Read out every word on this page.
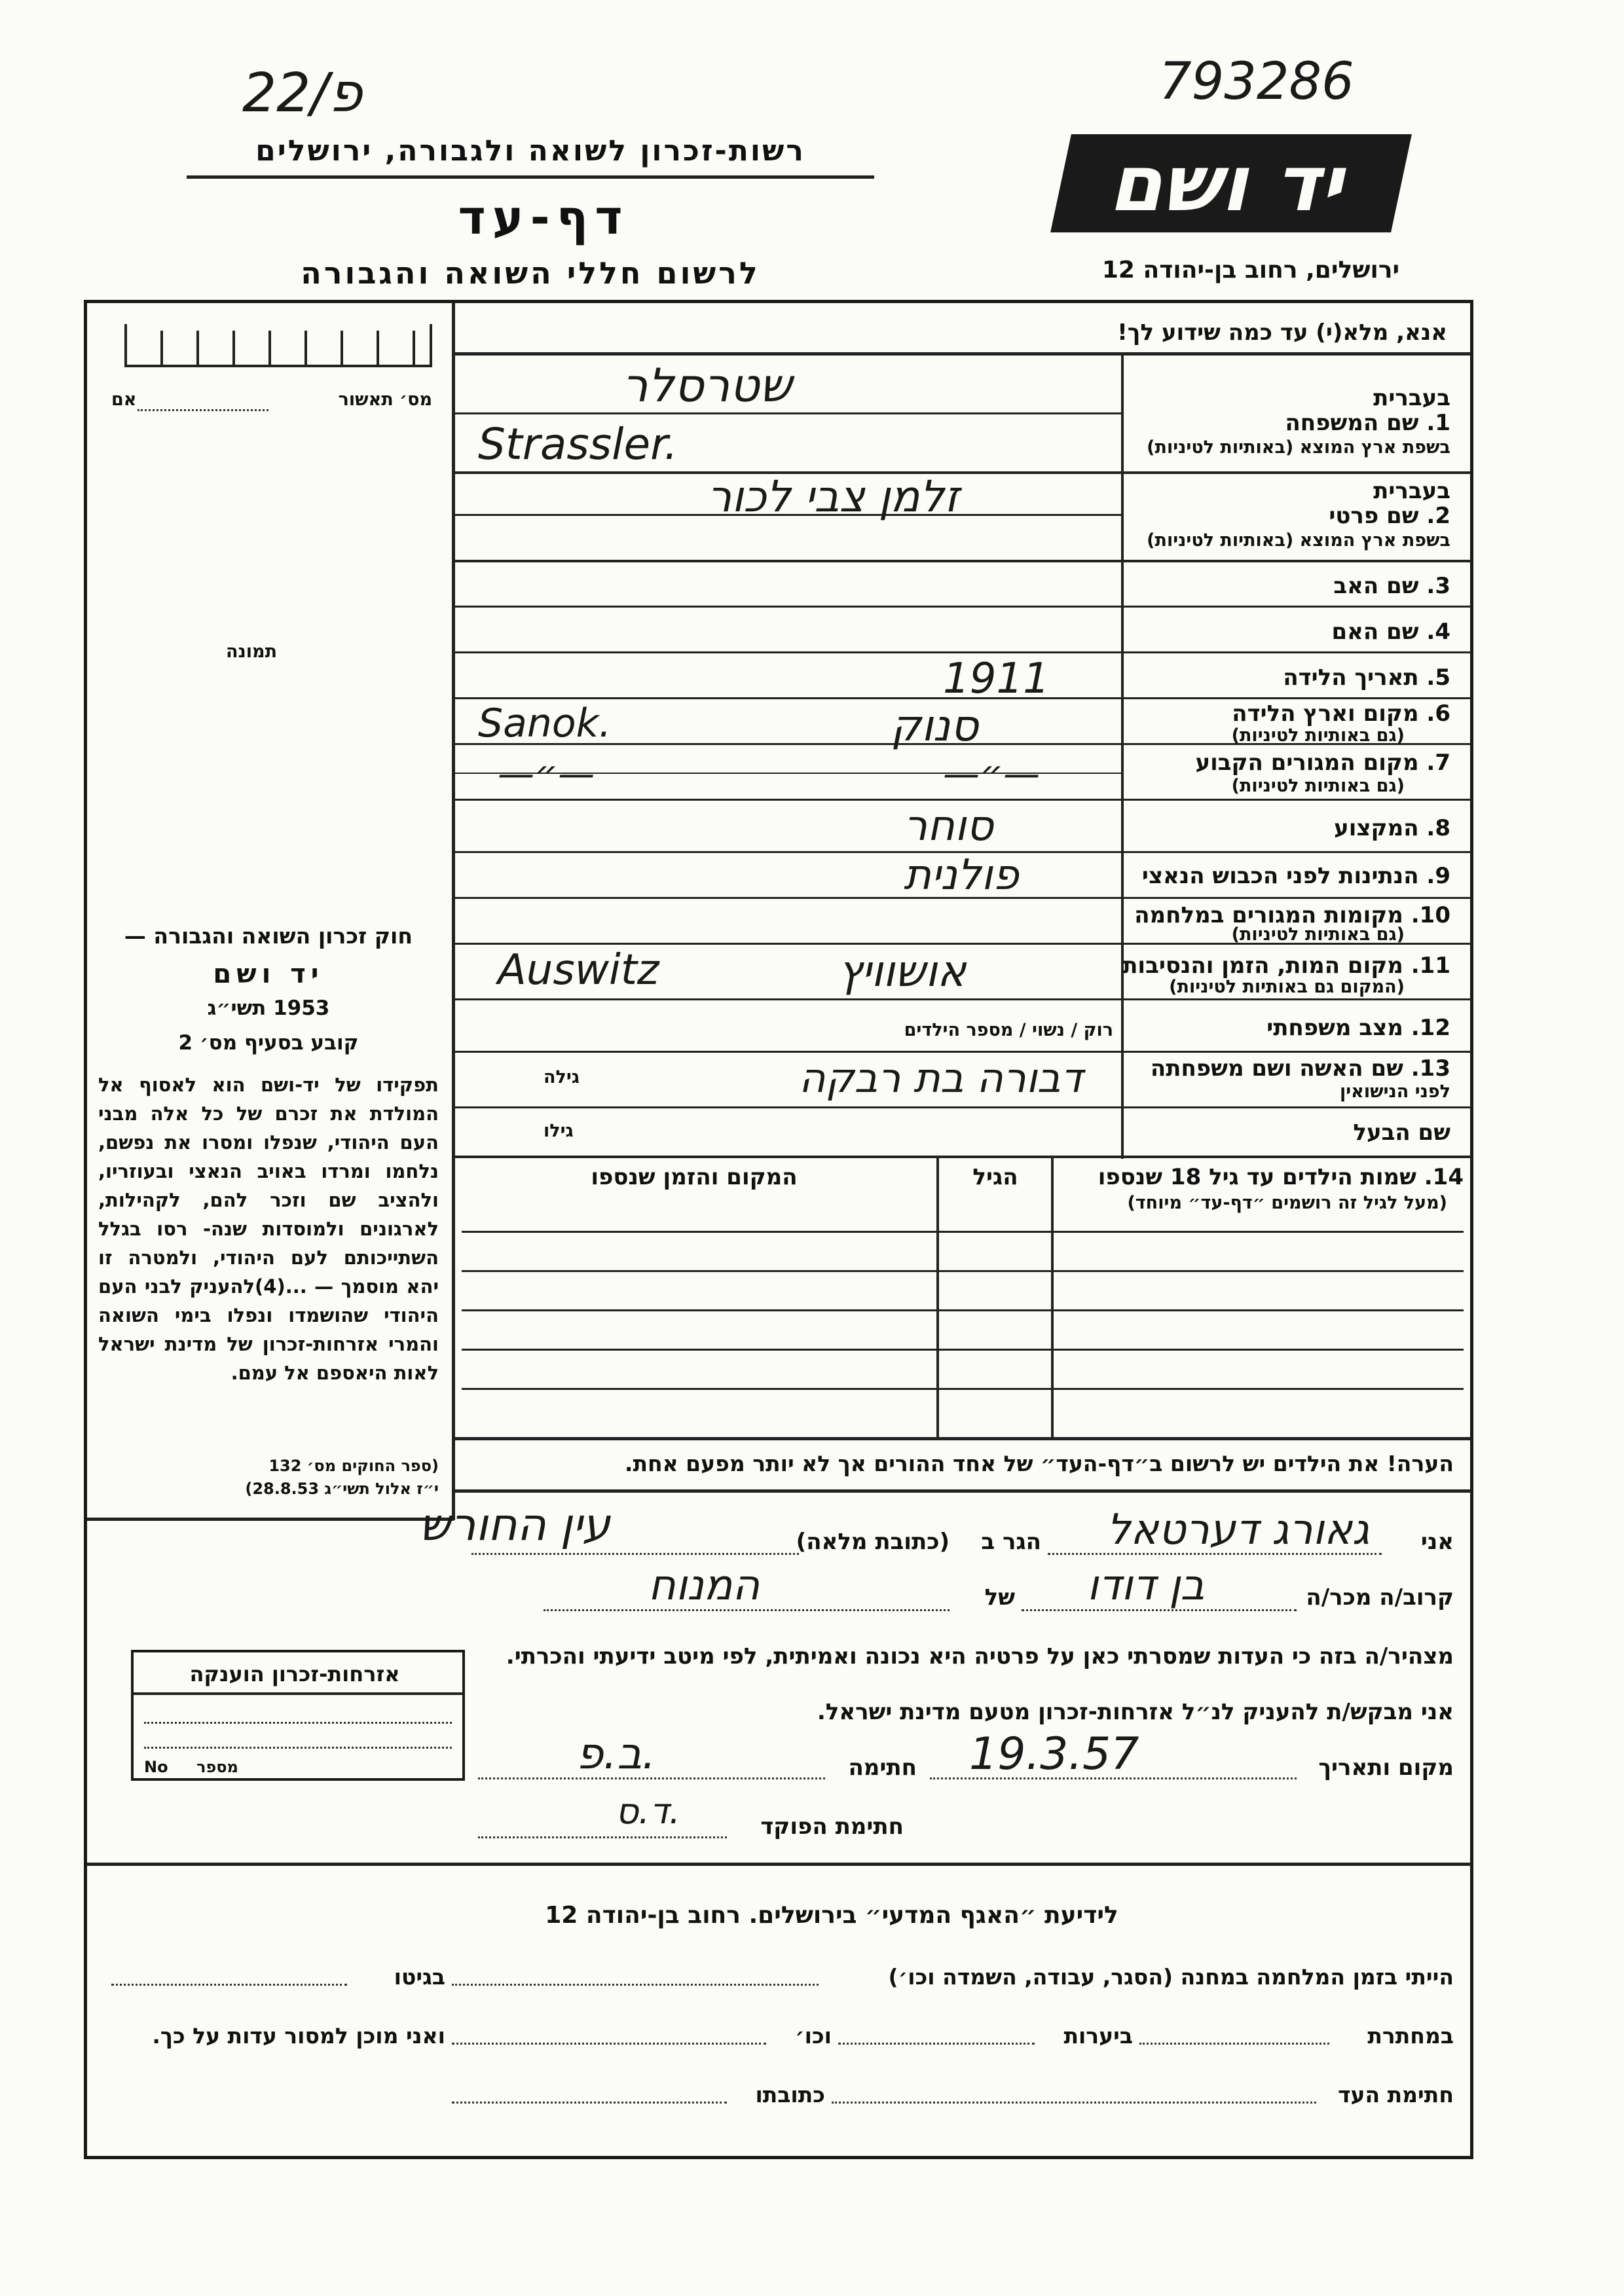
22/פ	793286
רשות-זכרון לשואה ולגבורה, ירושלים
דף-עד
לרשום חללי השואה והגבורה
יד ושם
ירושלים, רחוב בן-יהודה 12
מס׳ תאשור
אם
תמונה
חוק זכרון השואה והגבורה —
יד ושם
1953 תשי״ג
קובע בסעיף מס׳ 2
תפקידו של יד-ושם הוא לאסוף אל המולדת את זכרם של כל אלה מבני העם היהודי, שנפלו ומסרו את נפשם, נלחמו ומרדו באויב הנאצי ובעוזריו, ולהציב שם וזכר להם, לקהילות, לארגונים ולמוסדות שנה- רסו בגלל השתייכותם לעם היהודי, ולמטרה זו יהא מוסמך — ...(4)להעניק לבני העם היהודי שהושמדו ונפלו בימי השואה והמרי אזרחות-זכרון של מדינת ישראל לאות היאספם אל עמם.
(ספר החוקים מס׳ 132
י״ז אלול תשי״ג 28.8.53)
אזרחות-זכרון הוענקה
מספר
No
אנא, מלא(י) עד כמה שידוע לך!
בעברית
1. שם המשפחה
בשפת ארץ המוצא (באותיות לטיניות)
שטרסלר
Strassler.
בעברית
2. שם פרטי
בשפת ארץ המוצא (באותיות לטיניות)
זלמן צבי לכור
3. שם האב
4. שם האם
5. תאריך הלידה
1911
6. מקום וארץ הלידה
(גם באותיות לטיניות)
סנוק
Sanok.
7. מקום המגורים הקבוע
(גם באותיות לטיניות)
—״—
—״—
8. המקצוע
סוחר
9. הנתינות לפני הכבוש הנאצי
פולנית
10. מקומות המגורים במלחמה
(גם באותיות לטיניות)
11. מקום המות, הזמן והנסיבות
(המקום גם באותיות לטיניות)
אושוויץ
Auswitz
12. מצב משפחתי
רוק / נשוי / מספר הילדים
13. שם האשה ושם משפחתה
לפני הנישואין
דבורה בת רבקה
גילה
שם הבעל
גילו
14. שמות הילדים עד גיל 18 שנספו
(מעל לגיל זה רושמים ״דף-עד״ מיוחד)
הגיל
המקום והזמן שנספו
הערה! את הילדים יש לרשום ב״דף-העד״ של אחד ההורים אך לא יותר מפעם אחת.
אני
גאורג דערטאל
הגר ב
(כתובת מלאה)
עין החורש
קרוב/ה מכר/ה
בן דודו
של
המנוח
מצהיר/ה בזה כי העדות שמסרתי כאן על פרטיה היא נכונה ואמיתית, לפי מיטב ידיעתי והכרתי.
אני מבקש/ת להעניק לנ״ל אזרחות-זכרון מטעם מדינת ישראל.
מקום ותאריך
19.3.57
חתימה
ב.פ.
חתימת הפוקד
ד.ס.
לידיעת ״האגף המדעי״ בירושלים. רחוב בן-יהודה 12
הייתי בזמן המלחמה במחנה (הסגר, עבודה, השמדה וכו׳)
בגיטו
במחתרת
ביערות
וכו׳
ואני מוכן למסור עדות על כך.
חתימת העד
כתובתו
